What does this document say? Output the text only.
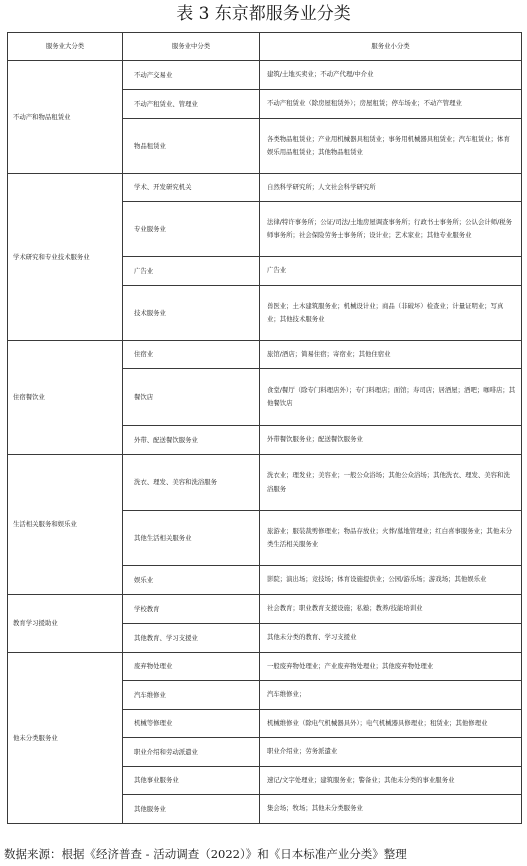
表 3 东京都服务业分类
服务业大分类	服务业中分类	服务业小分类
不动产和物品租赁业	不动产交易业	建筑/土地买卖业；不动产代理/中介业
	不动产租赁业、管理业	不动产租赁业（除房屋租赁外）；房屋租赁；停车场业；不动产管理业
	物品租赁业	各类物品租赁业；产业用机械器具租赁业；事务用机械器具租赁业；汽车租赁业；体育娱乐用品租赁业；其他物品租赁业
学术研究和专业技术服务业	学术、开发研究机关	自然科学研究所；人文社会科学研究所
	专业服务业	法律/特许事务所；公证/司法/土地房屋调查事务所；行政书士事务所；公认会计师/税务师事务所；社会保险劳务士事务所；设计业；艺术家业；其他专业服务业
	广告业	广告业
	技术服务业	兽医业；土木建筑服务业；机械设计业；商品（非破坏）检查业；计量证明业；写真业；其他技术服务业
住宿餐饮业	住宿业	旅馆/酒店；简易住宿；寄宿业；其他住宿业
	餐饮店	食堂/餐厅（除专门料理店外）；专门料理店；面馆；寿司店；居酒屋；酒吧；咖啡店；其他餐饮店
	外带、配送餐饮服务业	外带餐饮服务业；配送餐饮服务业
生活相关服务和娱乐业	洗衣、理发、美容和洗浴服务	洗衣业；理发业；美容业；一般公众浴场；其他公众浴场；其他洗衣、理发、美容和洗浴服务
	其他生活相关服务业	旅游业；服装裁剪修理业；物品存放业；火葬/墓地管理业；红白喜事服务业；其他未分类生活相关服务业
	娱乐业	影院；演出场；竞技场；体育设施提供业；公园/游乐场；游戏场；其他娱乐业
教育学习援助业	学校教育	社会教育；职业教育支援设施；私塾；教养/技能培训业
	其他教育、学习支援业	其他未分类的教育、学习支援业
他未分类服务业	废弃物处理业	一般废弃物处理业；产业废弃物处理业；其他废弃物处理业
	汽车维修业	汽车维修业；
	机械等修理业	机械维修业（除电气机械器具外）；电气机械器具修理业；租赁业；其他修理业
	职业介绍和劳动派遣业	职业介绍业；劳务派遣业
	其他事业服务业	速记/文字处理业；建筑服务业；警备业；其他未分类的事业服务业
	其他服务业	集会场；牧场；其他未分类服务业
数据来源：根据《经济普查 - 活动调查（2022）》和《日本标准产业分类》整理
